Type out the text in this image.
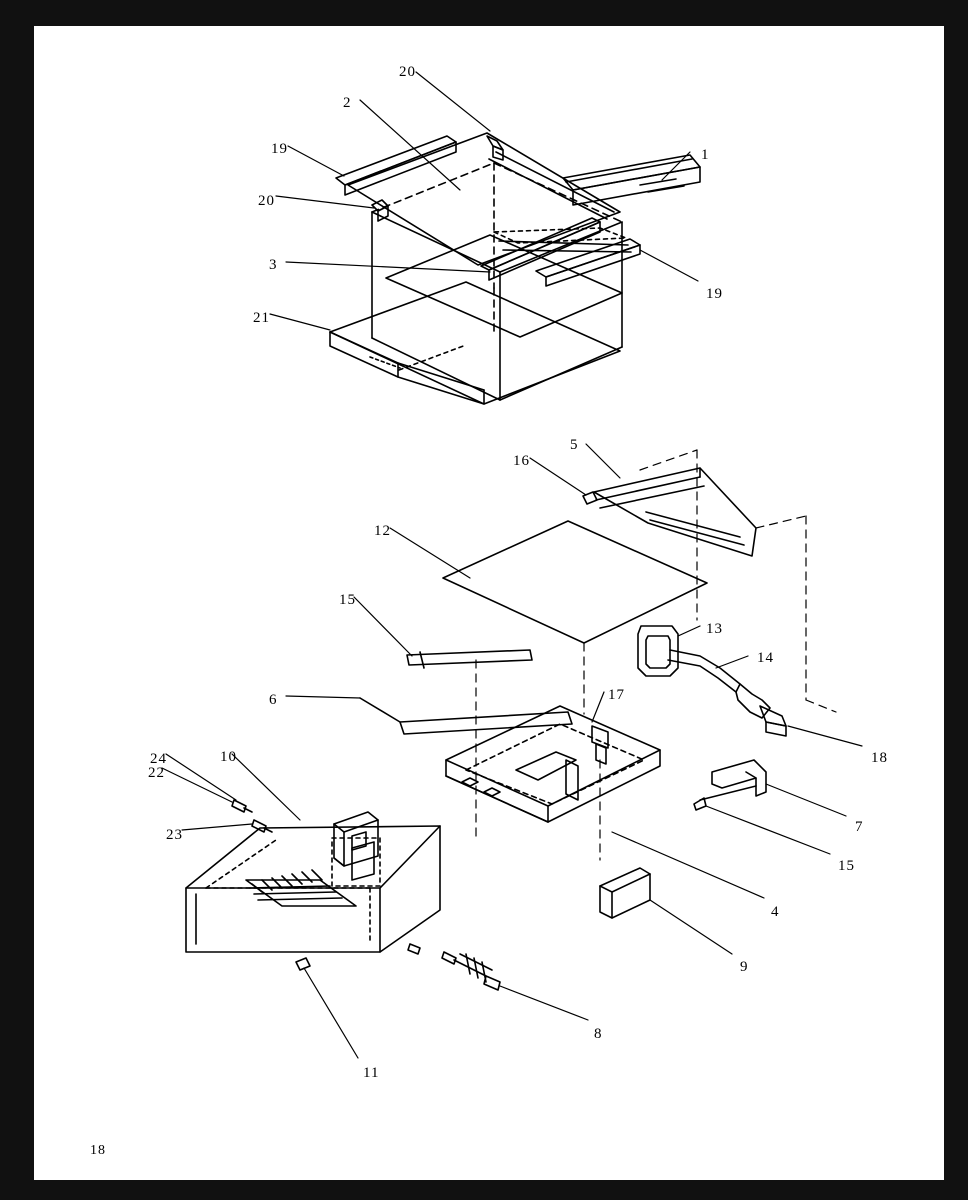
20
2
19	1
20
19
3
21
5
16
12
15
13
14
17
6
18
24	10
22
7
23
15
4
9
8
11
18
